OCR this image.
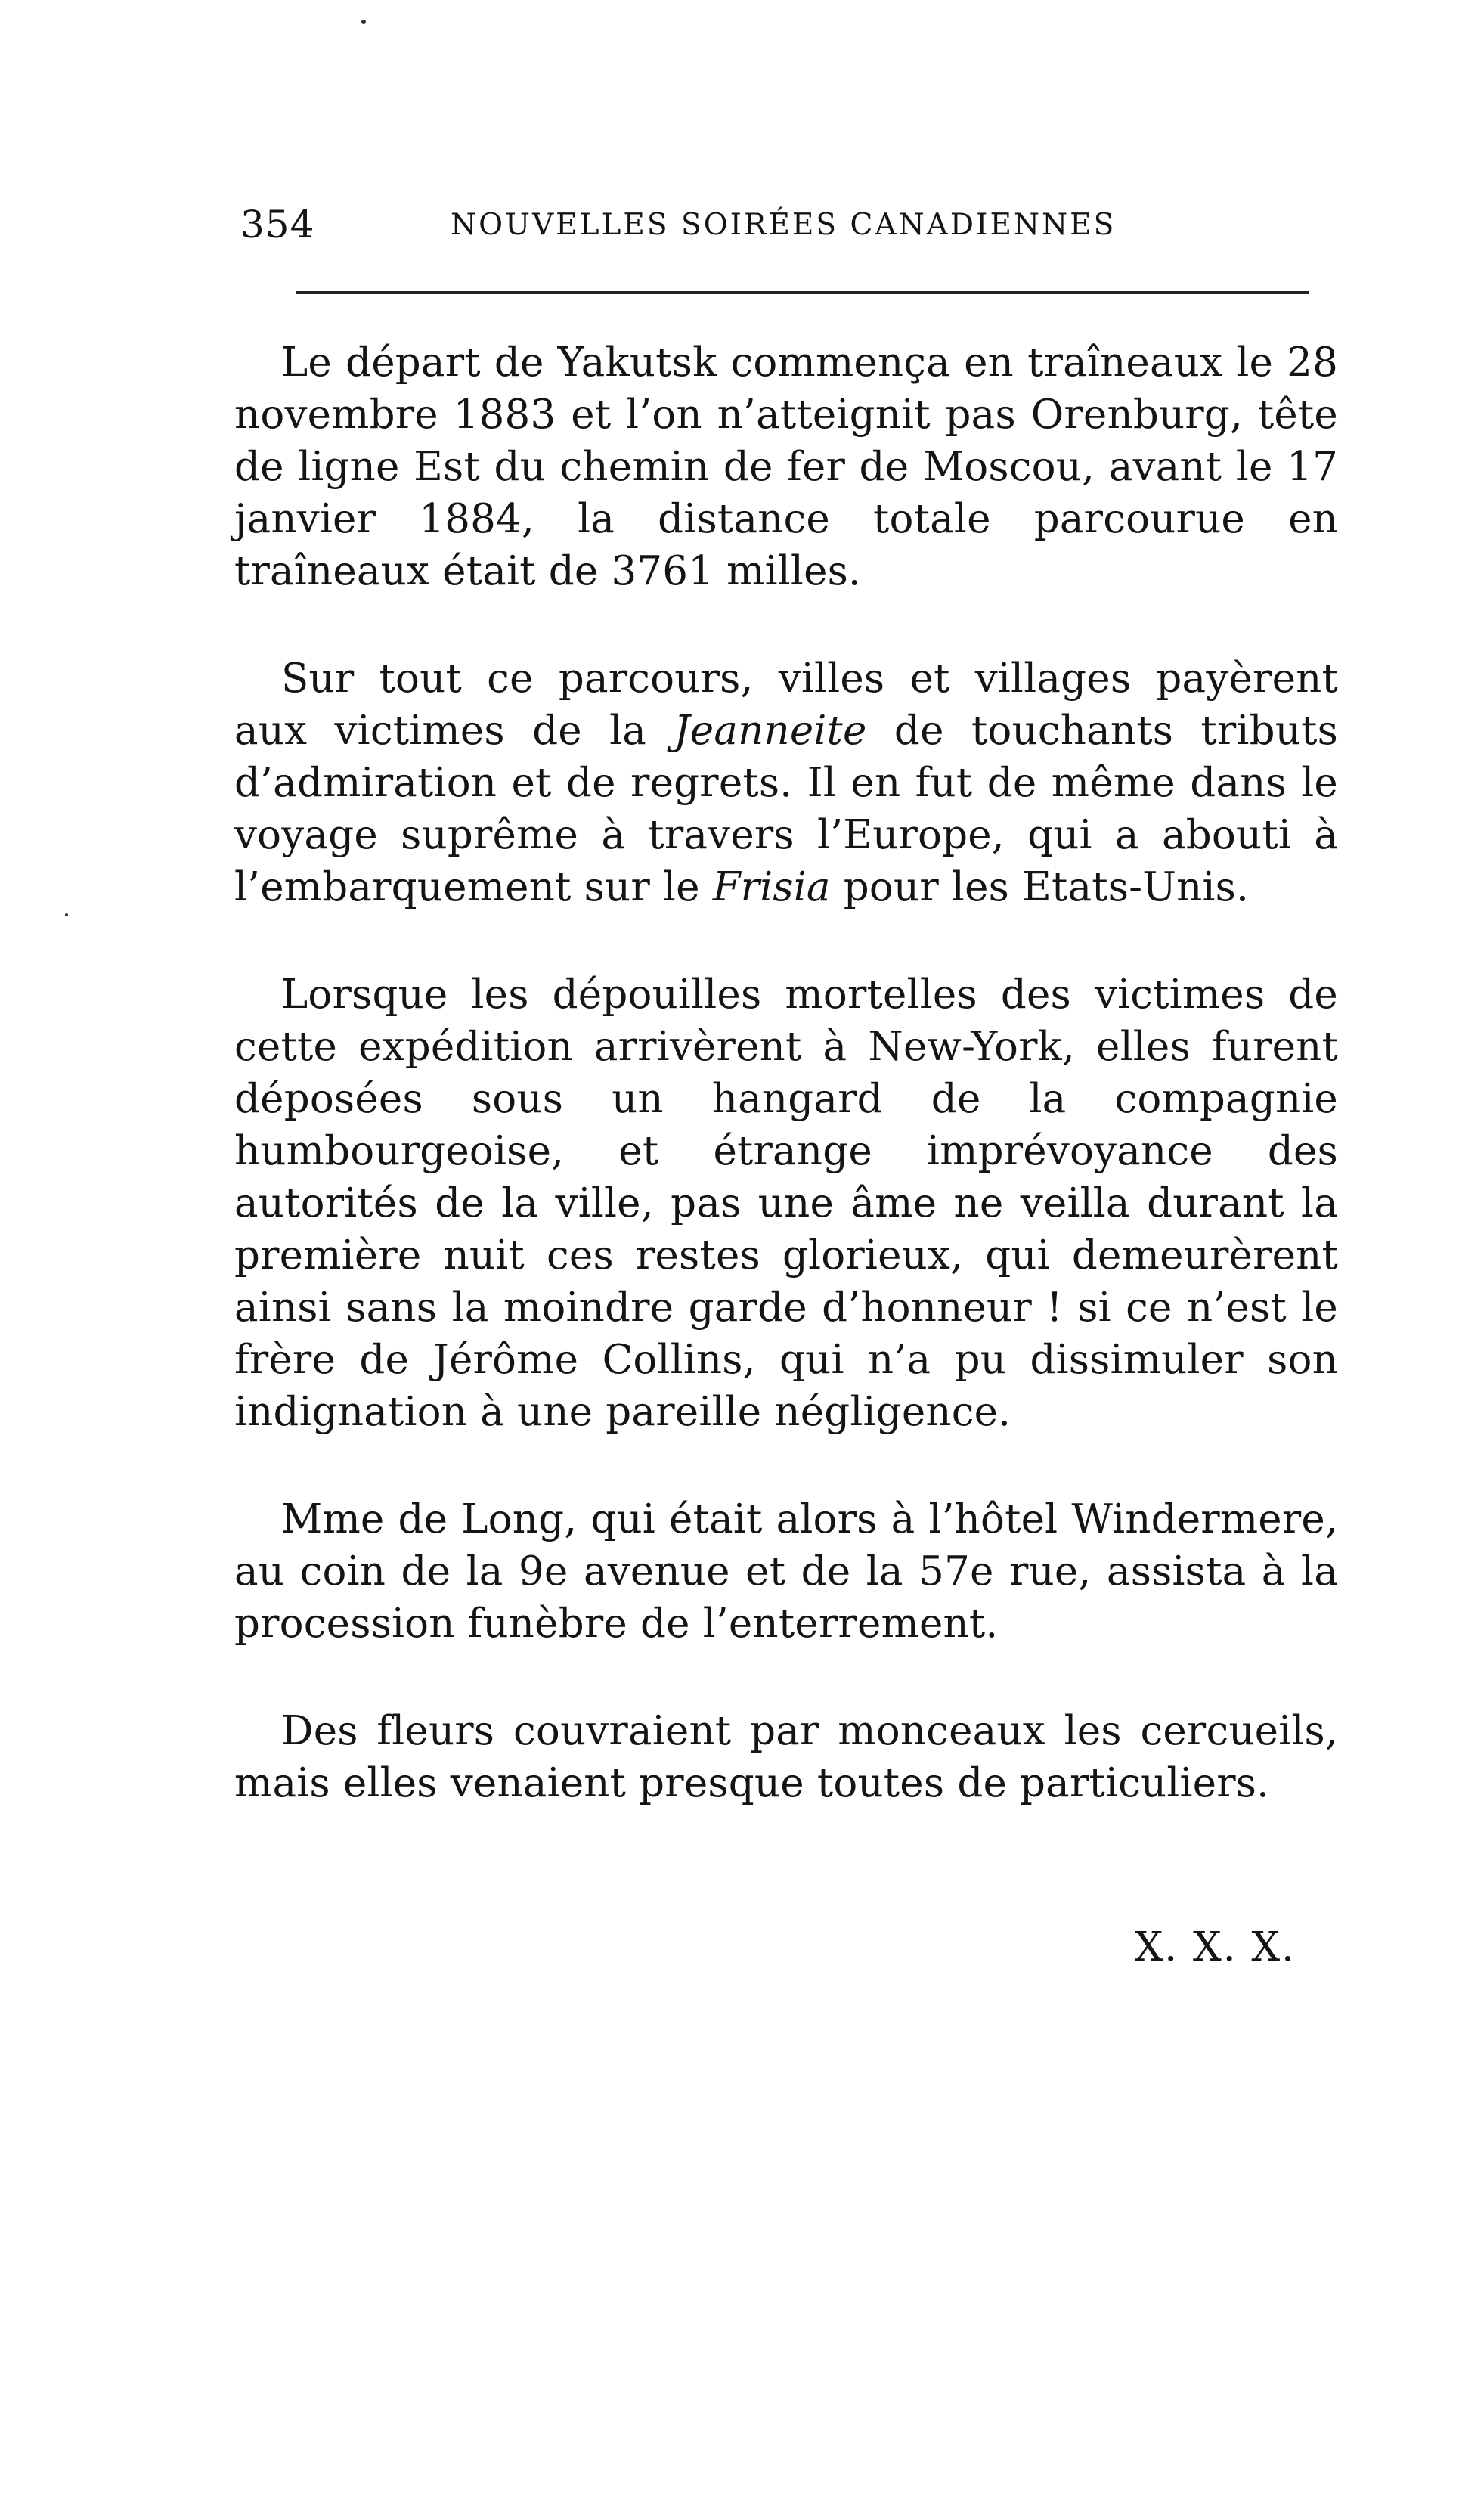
354	NOUVELLES SOIRÉES CANADIENNES

Le départ de Yakutsk commença en traîneaux le 28 novembre 1883 et l’on n’atteignit pas Orenburg, tête de ligne Est du chemin de fer de Moscou, avant le 17 janvier 1884, la distance totale parcourue en traîneaux était de 3761 milles.

Sur tout ce parcours, villes et villages payèrent aux victimes de la Jeanneite de touchants tributs d’admiration et de regrets. Il en fut de même dans le voyage suprême à travers l’Europe, qui a abouti à l’embarquement sur le Frisia pour les Etats-Unis.

Lorsque les dépouilles mortelles des victimes de cette expédition arrivèrent à New-York, elles furent déposées sous un hangard de la compagnie humbourgeoise, et étrange imprévoyance des autorités de la ville, pas une âme ne veilla durant la première nuit ces restes glorieux, qui demeurèrent ainsi sans la moindre garde d’honneur ! si ce n’est le frère de Jérôme Collins, qui n’a pu dissimuler son indignation à une pareille négligence.

Mme de Long, qui était alors à l’hôtel Windermere, au coin de la 9e avenue et de la 57e rue, assista à la procession funèbre de l’enterrement.

Des fleurs couvraient par monceaux les cercueils, mais elles venaient presque toutes de particuliers.

X. X. X.
